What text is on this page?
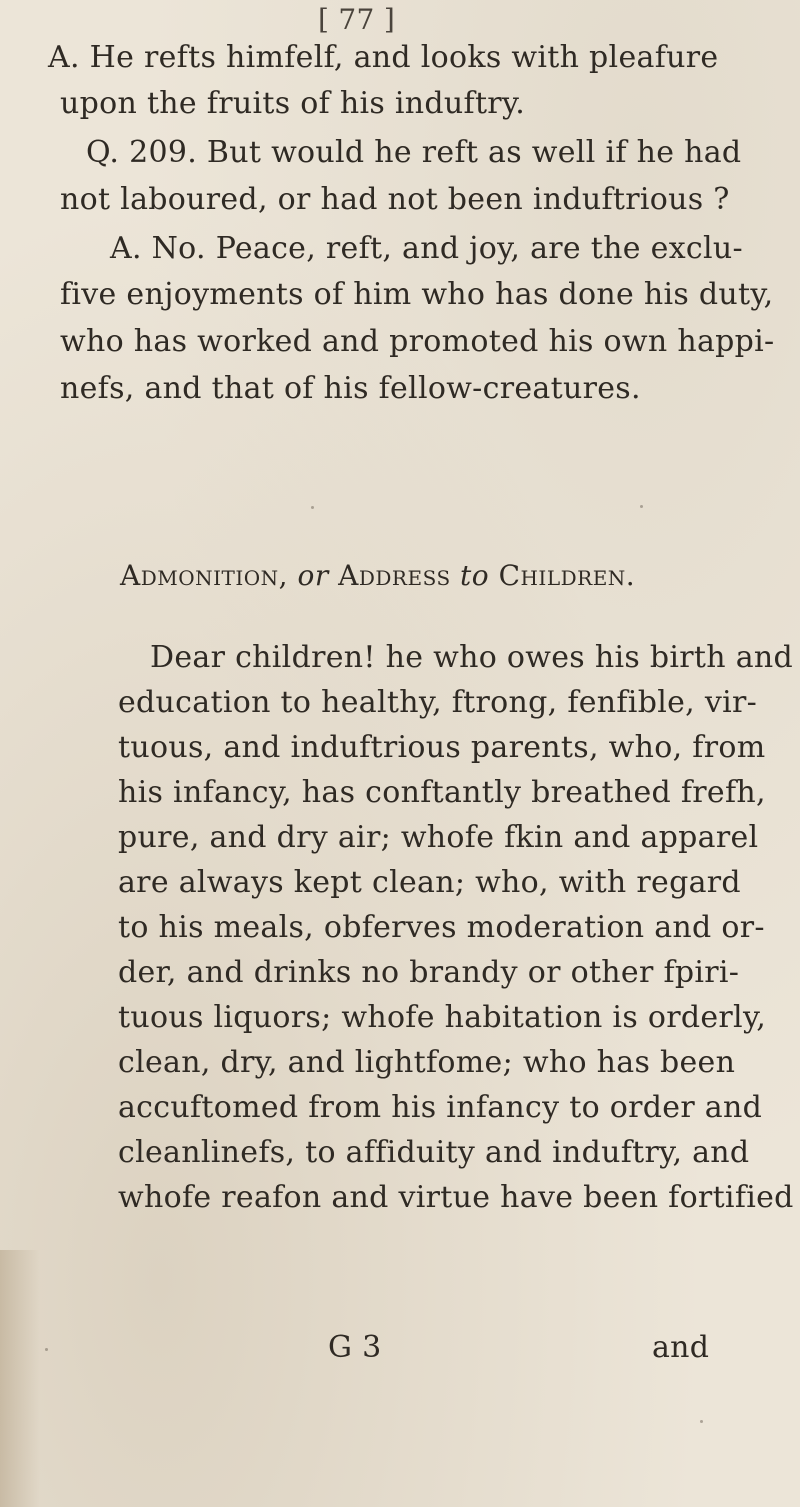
[ 77 ]
A. He refts himfelf, and looks with pleafure
upon the fruits of his induftry.
Q. 209. But would he reft as well if he had
not laboured, or had not been induftrious ?
A. No. Peace, reft, and joy, are the exclu-
five enjoyments of him who has done his duty,
who has worked and promoted his own happi-
nefs, and that of his fellow-creatures.
Admonition, or Address to Children.
Dear children! he who owes his birth and
education to healthy, ftrong, fenfible, vir-
tuous, and induftrious parents, who, from
his infancy, has conftantly breathed frefh,
pure, and dry air; whofe fkin and apparel
are always kept clean; who, with regard
to his meals, obferves moderation and or-
der, and drinks no brandy or other fpiri-
tuous liquors; whofe habitation is orderly,
clean, dry, and lightfome; who has been
accuftomed from his infancy to order and
cleanlinefs, to affiduity and induftry, and
whofe reafon and virtue have been fortified
G 3	and
